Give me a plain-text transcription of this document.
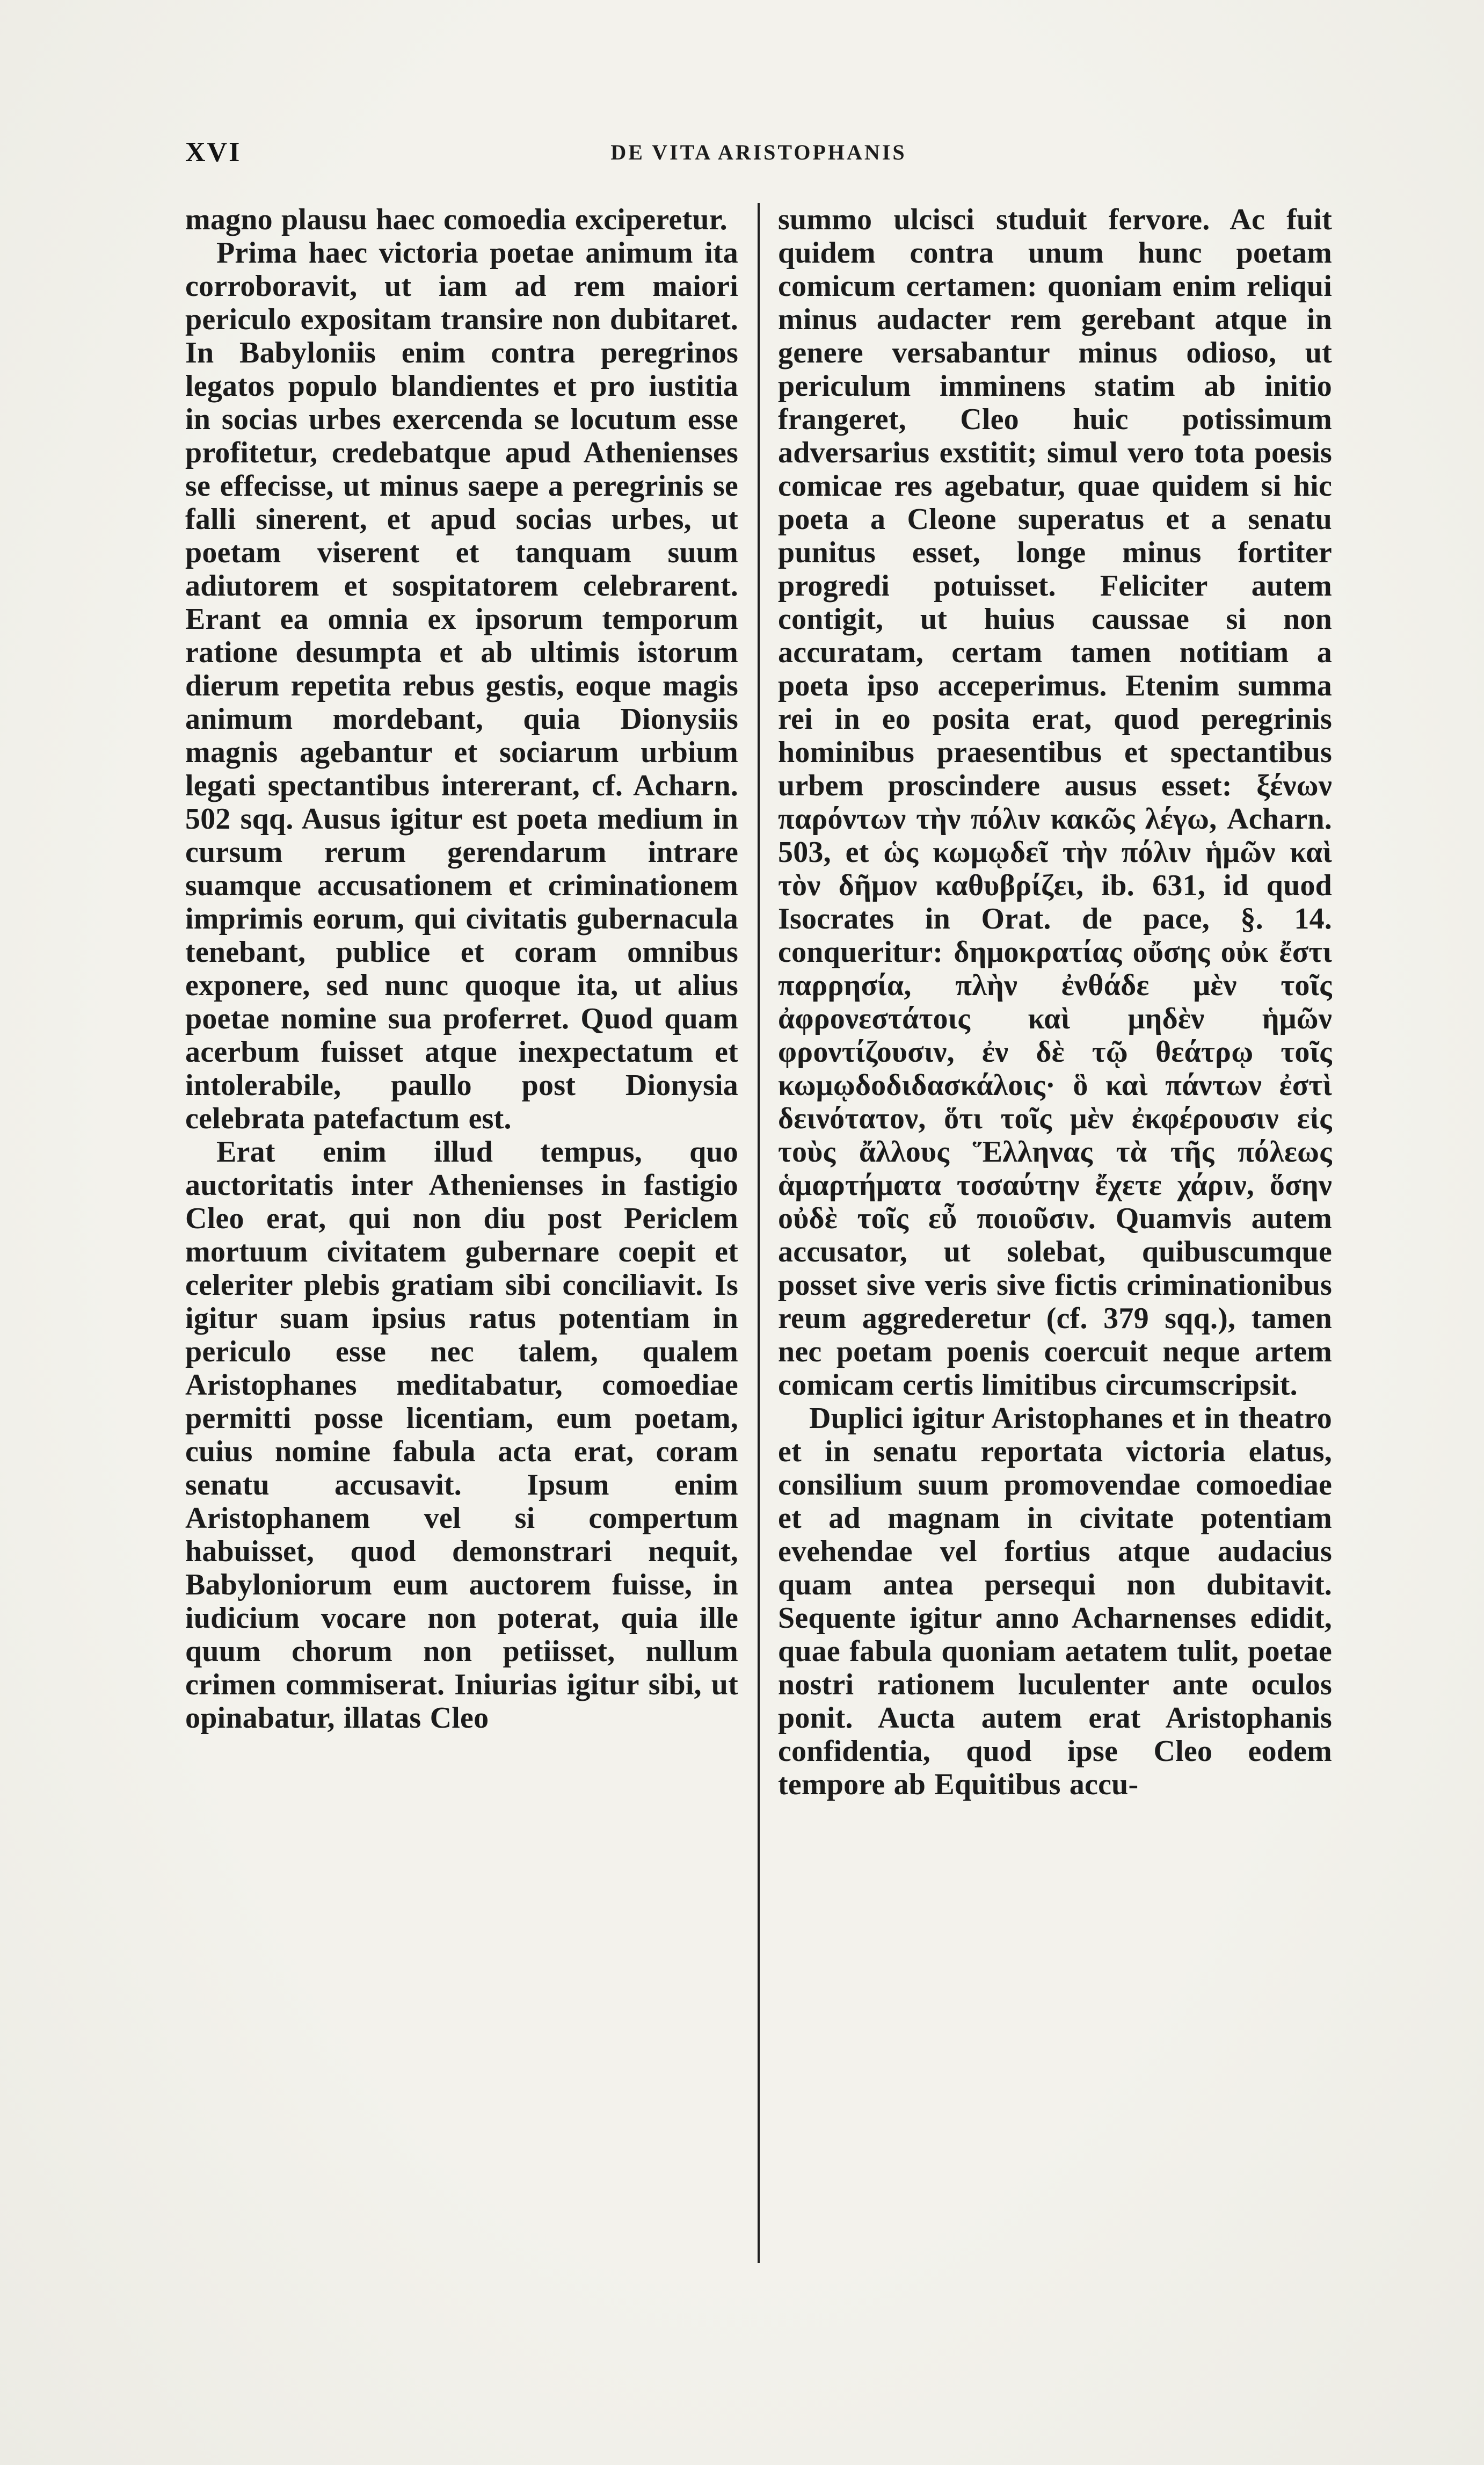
XVI	DE VITA ARISTOPHANIS

magno plausu haec comoedia exciperetur.

Prima haec victoria poetae animum ita corroboravit, ut iam ad rem maiori periculo expositam transire non dubitaret. In Babyloniis enim contra peregrinos legatos populo blandientes et pro iustitia in socias urbes exercenda se locutum esse profitetur, credebatque apud Athenienses se effecisse, ut minus saepe a peregrinis se falli sinerent, et apud socias urbes, ut poetam viserent et tanquam suum adiutorem et sospitatorem celebrarent. Erant ea omnia ex ipsorum temporum ratione desumpta et ab ultimis istorum dierum repetita rebus gestis, eoque magis animum mordebant, quia Dionysiis magnis agebantur et sociarum urbium legati spectantibus intererant, cf. Acharn. 502 sqq. Ausus igitur est poeta medium in cursum rerum gerendarum intrare suamque accusationem et criminationem imprimis eorum, qui civitatis gubernacula tenebant, publice et coram omnibus exponere, sed nunc quoque ita, ut alius poetae nomine sua proferret. Quod quam acerbum fuisset atque inexpectatum et intolerabile, paullo post Dionysia celebrata patefactum est.

Erat enim illud tempus, quo auctoritatis inter Athenienses in fastigio Cleo erat, qui non diu post Periclem mortuum civitatem gubernare coepit et celeriter plebis gratiam sibi conciliavit. Is igitur suam ipsius ratus potentiam in periculo esse nec talem, qualem Aristophanes meditabatur, comoediae permitti posse licentiam, eum poetam, cuius nomine fabula acta erat, coram senatu accusavit. Ipsum enim Aristophanem vel si compertum habuisset, quod demonstrari nequit, Babyloniorum eum auctorem fuisse, in iudicium vocare non poterat, quia ille quum chorum non petiisset, nullum crimen commiserat. Iniurias igitur sibi, ut opinabatur, illatas Cleo

summo ulcisci studuit fervore. Ac fuit quidem contra unum hunc poetam comicum certamen: quoniam enim reliqui minus audacter rem gerebant atque in genere versabantur minus odioso, ut periculum imminens statim ab initio frangeret, Cleo huic potissimum adversarius exstitit; simul vero tota poesis comicae res agebatur, quae quidem si hic poeta a Cleone superatus et a senatu punitus esset, longe minus fortiter progredi potuisset. Feliciter autem contigit, ut huius caussae si non accuratam, certam tamen notitiam a poeta ipso acceperimus. Etenim summa rei in eo posita erat, quod peregrinis hominibus praesentibus et spectantibus urbem proscindere ausus esset: ξένων παρόντων τὴν πόλιν κακῶς λέγω, Acharn. 503, et ὡς κωμῳδεῖ τὴν πόλιν ἡμῶν καὶ τὸν δῆμον καθυβρίζει, ib. 631, id quod Isocrates in Orat. de pace, §. 14. conqueritur: δημοκρατίας οὔσης οὐκ ἔστι παρρησία, πλὴν ἐνθάδε μὲν τοῖς ἀφρονεστάτοις καὶ μηδὲν ἡμῶν φροντίζουσιν, ἐν δὲ τῷ θεάτρῳ τοῖς κωμῳδοδιδασκάλοις· ὃ καὶ πάντων ἐστὶ δεινότατον, ὅτι τοῖς μὲν ἐκφέρουσιν εἰς τοὺς ἄλλους Ἕλληνας τὰ τῆς πόλεως ἁμαρτήματα τοσαύτην ἔχετε χάριν, ὅσην οὐδὲ τοῖς εὖ ποιοῦσιν. Quamvis autem accusator, ut solebat, quibuscumque posset sive veris sive fictis criminationibus reum aggrederetur (cf. 379 sqq.), tamen nec poetam poenis coercuit neque artem comicam certis limitibus circumscripsit.

Duplici igitur Aristophanes et in theatro et in senatu reportata victoria elatus, consilium suum promovendae comoediae et ad magnam in civitate potentiam evehendae vel fortius atque audacius quam antea persequi non dubitavit. Sequente igitur anno Acharnenses edidit, quae fabula quoniam aetatem tulit, poetae nostri rationem luculenter ante oculos ponit. Aucta autem erat Aristophanis confidentia, quod ipse Cleo eodem tempore ab Equitibus accu-
